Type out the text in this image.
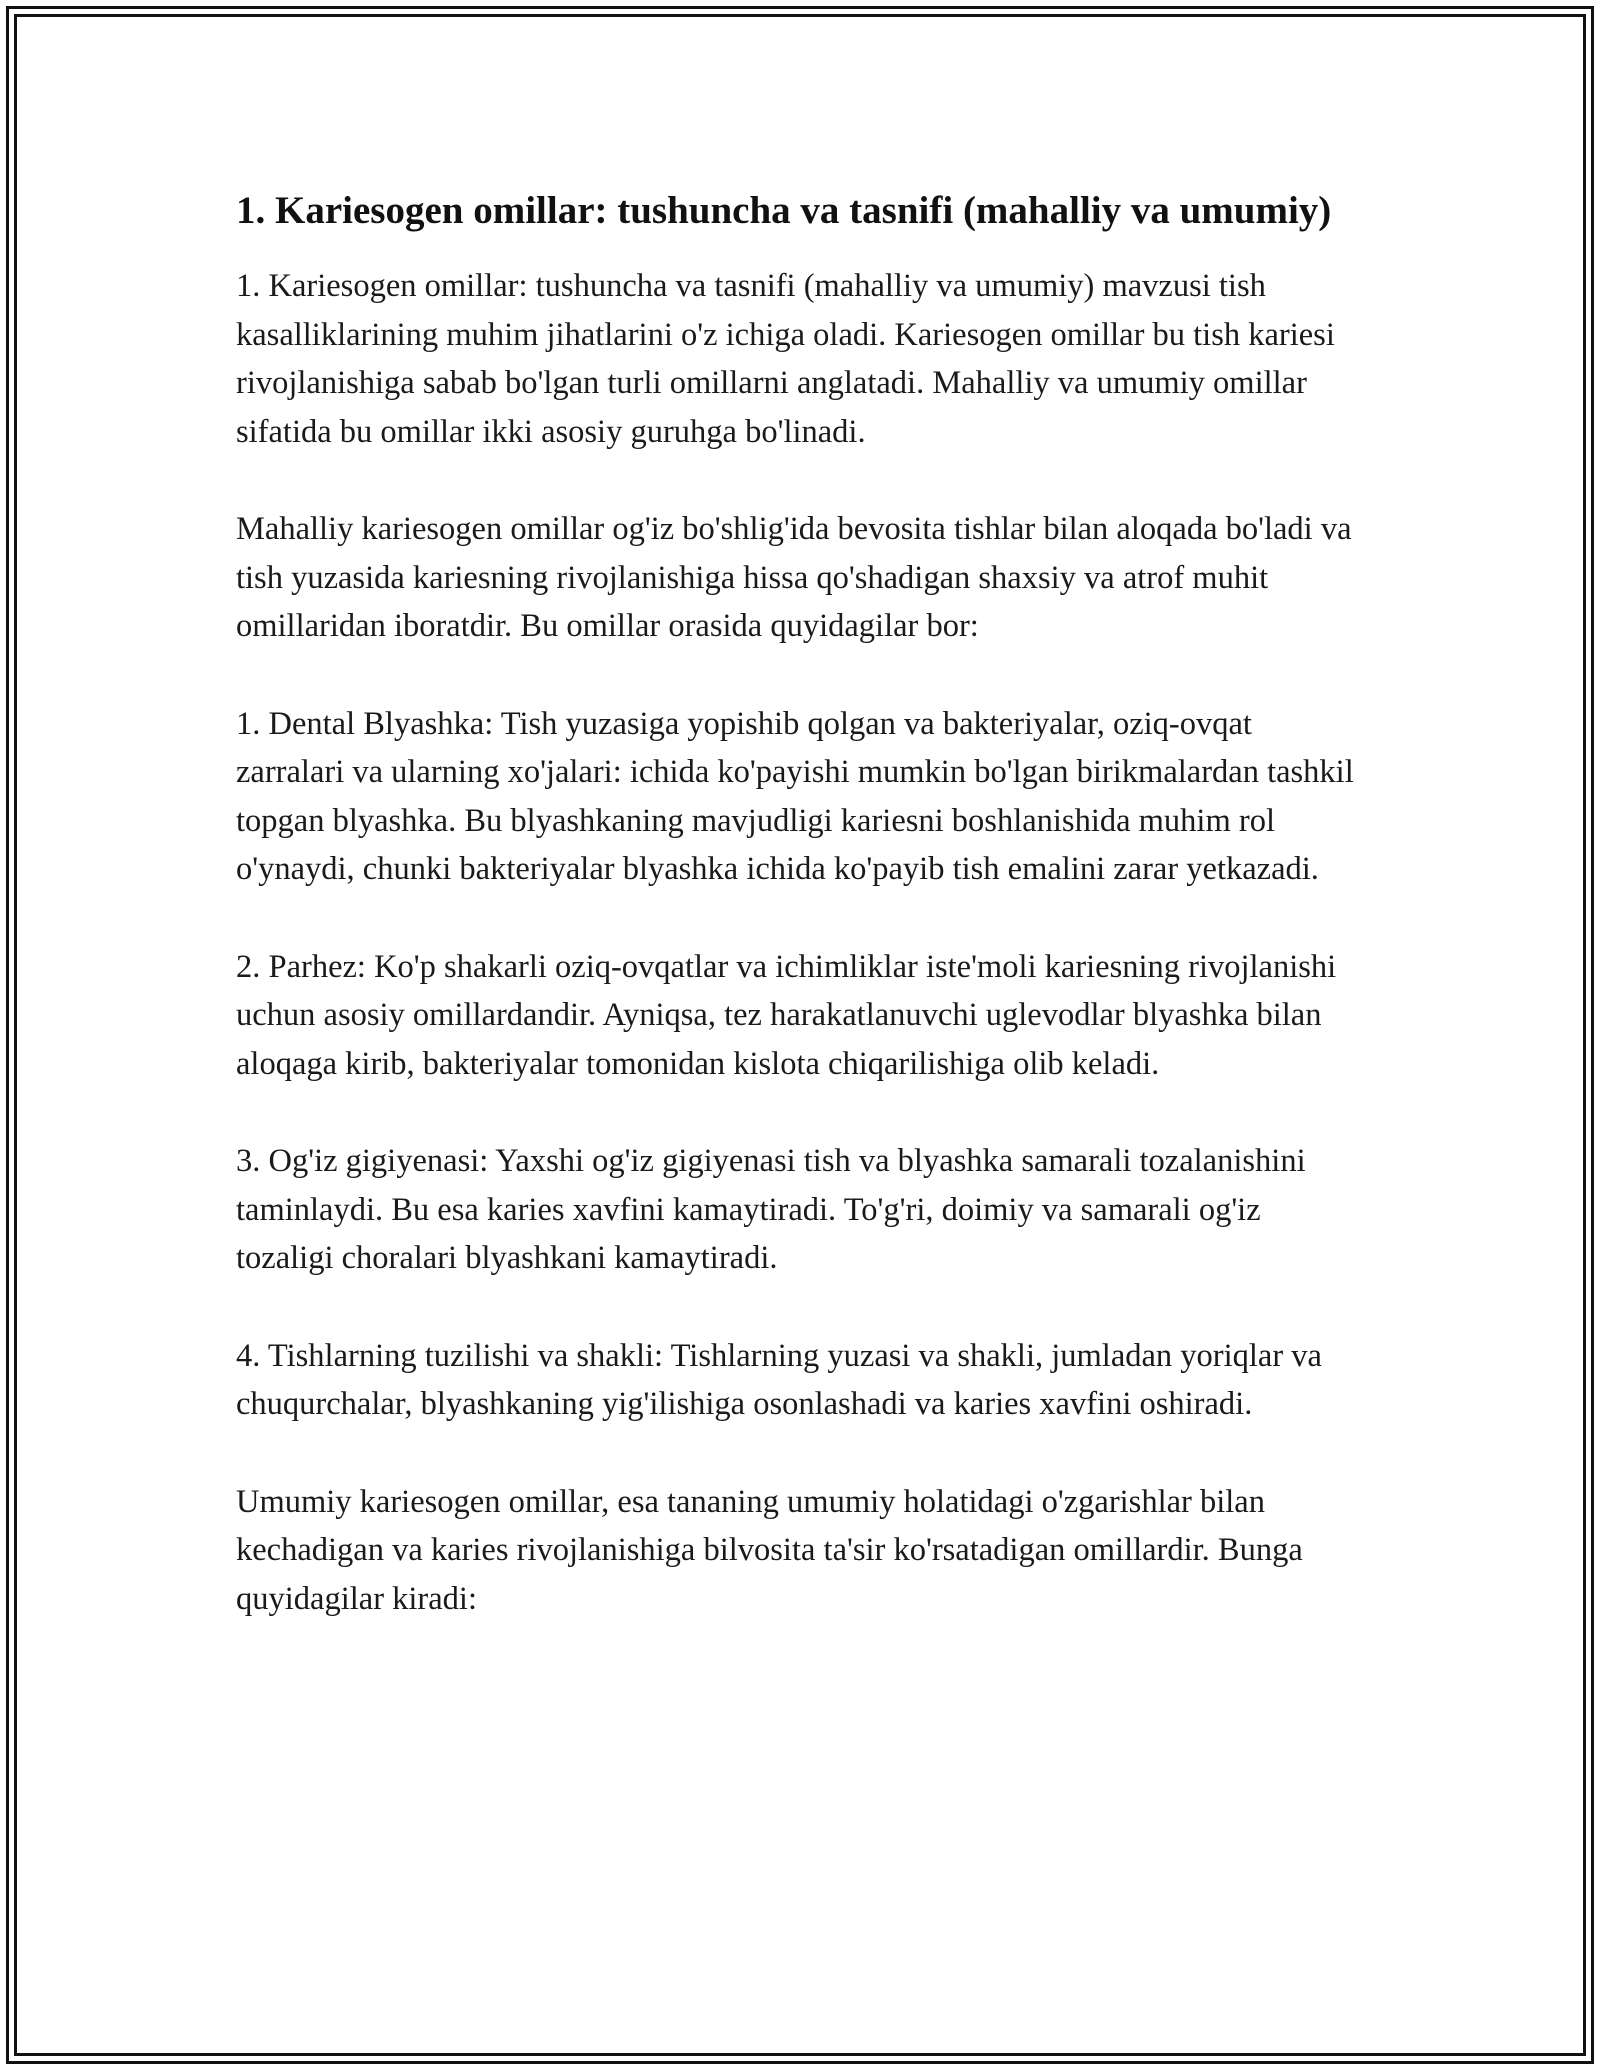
1. Kariesogen omillar: tushuncha va tasnifi (mahalliy va umumiy)

1. Kariesogen omillar: tushuncha va tasnifi (mahalliy va umumiy) mavzusi tish kasalliklarining muhim jihatlarini o'z ichiga oladi. Kariesogen omillar bu tish kariesi rivojlanishiga sabab bo'lgan turli omillarni anglatadi. Mahalliy va umumiy omillar sifatida bu omillar ikki asosiy guruhga bo'linadi.

Mahalliy kariesogen omillar og'iz bo'shlig'ida bevosita tishlar bilan aloqada bo'ladi va tish yuzasida kariesning rivojlanishiga hissa qo'shadigan shaxsiy va atrof muhit omillaridan iboratdir. Bu omillar orasida quyidagilar bor:

1. Dental Blyashka: Tish yuzasiga yopishib qolgan va bakteriyalar, oziq-ovqat zarralari va ularning xo'jalari: ichida ko'payishi mumkin bo'lgan birikmalardan tashkil topgan blyashka. Bu blyashkaning mavjudligi kariesni boshlanishida muhim rol o'ynaydi, chunki bakteriyalar blyashka ichida ko'payib tish emalini zarar yetkazadi.

2. Parhez: Ko'p shakarli oziq-ovqatlar va ichimliklar iste'moli kariesning rivojlanishi uchun asosiy omillardandir. Ayniqsa, tez harakatlanuvchi uglevodlar blyashka bilan aloqaga kirib, bakteriyalar tomonidan kislota chiqarilishiga olib keladi.

3. Og'iz gigiyenasi: Yaxshi og'iz gigiyenasi tish va blyashka samarali tozalanishini taminlaydi. Bu esa karies xavfini kamaytiradi. To'g'ri, doimiy va samarali og'iz tozaligi choralari blyashkani kamaytiradi.

4. Tishlarning tuzilishi va shakli: Tishlarning yuzasi va shakli, jumladan yoriqlar va chuqurchalar, blyashkaning yig'ilishiga osonlashadi va karies xavfini oshiradi.

Umumiy kariesogen omillar, esa tananing umumiy holatidagi o'zgarishlar bilan kechadigan va karies rivojlanishiga bilvosita ta'sir ko'rsatadigan omillardir. Bunga quyidagilar kiradi:
